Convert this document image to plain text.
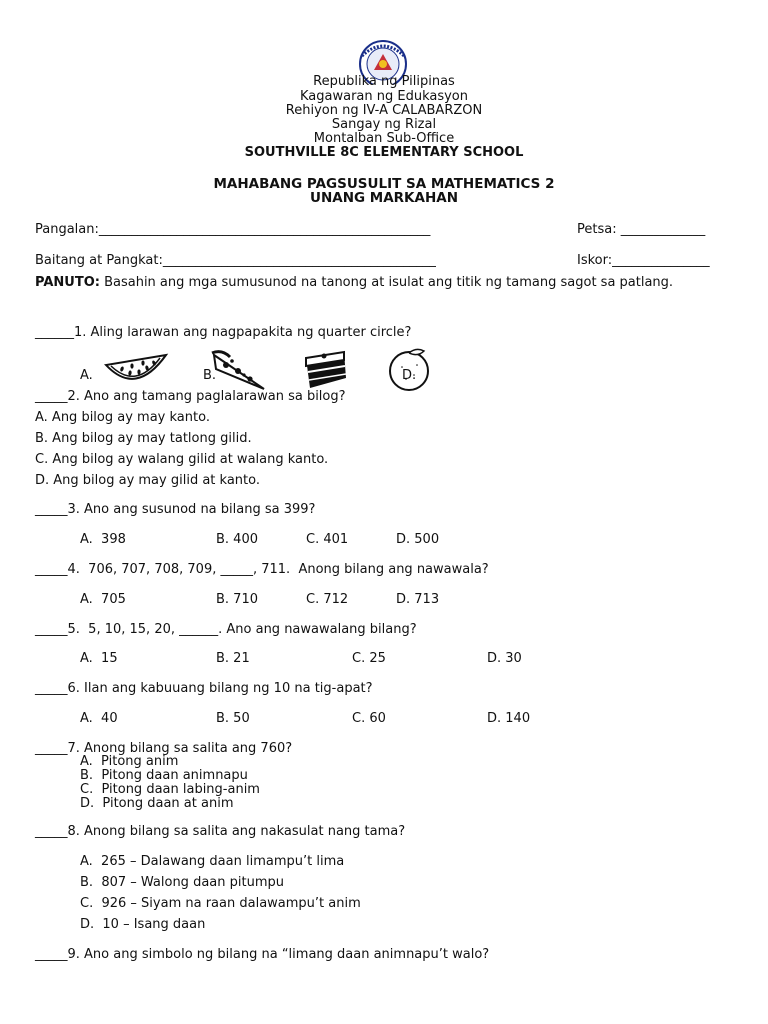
Republika ng Pilipinas
Kagawaran ng Edukasyon
Rehiyon ng IV-A CALABARZON
Sangay ng Rizal
Montalban Sub-Office
SOUTHVILLE 8C ELEMENTARY SCHOOL
MAHABANG PAGSUSULIT SA MATHEMATICS 2
UNANG MARKAHAN
Pangalan:___________________________________________________	Petsa: _____________
Baitang at Pangkat:__________________________________________	Iskor:_______________
PANUTO: Basahin ang mga sumusunod na tanong at isulat ang titik ng tamang sagot sa patlang.
______1. Aling larawan ang nagpapakita ng quarter circle?
A.	B.	D.
_____2. Ano ang tamang paglalarawan sa bilog?
A. Ang bilog ay may kanto.
B. Ang bilog ay may tatlong gilid.
C. Ang bilog ay walang gilid at walang kanto.
D. Ang bilog ay may gilid at kanto.
_____3. Ano ang susunod na bilang sa 399?
A.  398	B. 400	C. 401	D. 500
_____4.  706, 707, 708, 709, _____, 711.  Anong bilang ang nawawala?
A.  705	B. 710	C. 712	D. 713
_____5.  5, 10, 15, 20, ______. Ano ang nawawalang bilang?
A.  15	B. 21	C. 25	D. 30
_____6. Ilan ang kabuuang bilang ng 10 na tig-apat?
A.  40	B. 50	C. 60	D. 140
_____7. Anong bilang sa salita ang 760?
A.  Pitong anim
B.  Pitong daan animnapu
C.  Pitong daan labing-anim
D.  Pitong daan at anim
_____8. Anong bilang sa salita ang nakasulat nang tama?
A.  265 – Dalawang daan limampu’t lima
B.  807 – Walong daan pitumpu
C.  926 – Siyam na raan dalawampu’t anim
D.  10 – Isang daan
_____9. Ano ang simbolo ng bilang na “limang daan animnapu’t walo?
